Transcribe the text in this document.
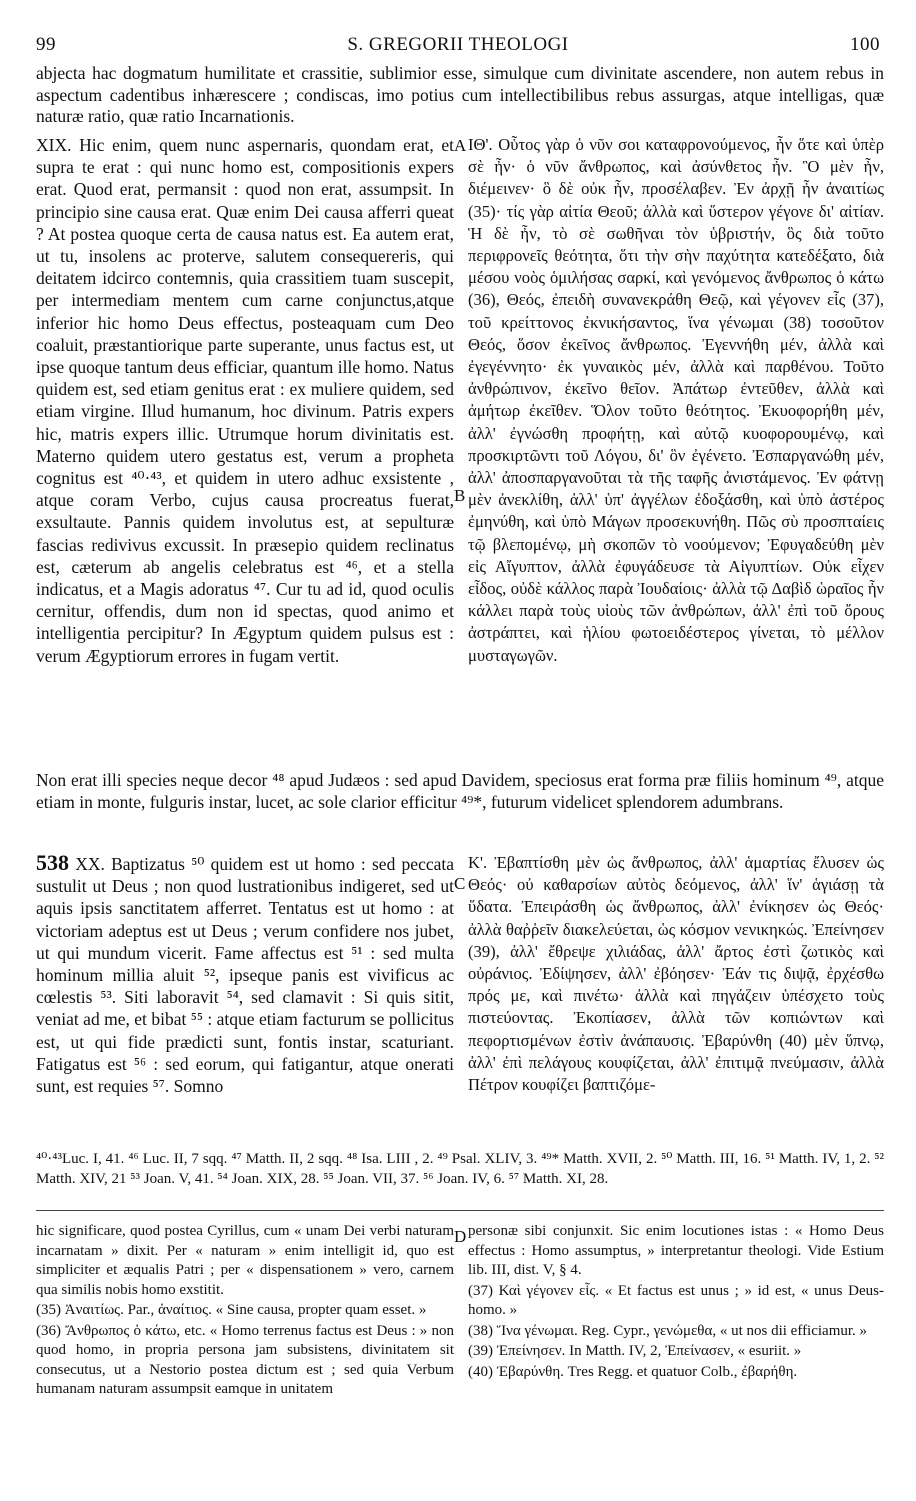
99	S. GREGORII THEOLOGI	100

abjecta hac dogmatum humilitate et crassitie, sublimior esse, simulque cum divinitate ascendere, non autem rebus in aspectum cadentibus inhærescere ; condiscas, imo potius cum intellectibilibus rebus assurgas, atque intelligas, quæ naturæ ratio, quæ ratio Incarnationis.

A
B
C
D

XIX. Hic enim, quem nunc aspernaris, quondam erat, et supra te erat : qui nunc homo est, compositionis expers erat. Quod erat, permansit : quod non erat, assumpsit. In principio sine causa erat. Quæ enim Dei causa afferri queat ? At postea quoque certa de causa natus est. Ea autem erat, ut tu, insolens ac proterve, salutem consequereris, qui deitatem idcirco contemnis, quia crassitiem tuam suscepit, per intermediam mentem cum carne conjunctus,atque inferior hic homo Deus effectus, posteaquam cum Deo coaluit, præstantiorique parte superante, unus factus est, ut ipse quoque tantum deus efficiar, quantum ille homo. Natus quidem est, sed etiam genitus erat : ex muliere quidem, sed etiam virgine. Illud humanum, hoc divinum. Patris expers hic, matris expers illic. Utrumque horum divinitatis est. Materno quidem utero gestatus est, verum a propheta cognitus est ⁴⁰·⁴³, et quidem in utero adhuc exsistente , atque coram Verbo, cujus causa procreatus fuerat, exsultaute. Pannis quidem involutus est, at sepulturæ fascias redivivus excussit. In præsepio quidem reclinatus est, cæterum ab angelis celebratus est ⁴⁶, et a stella indicatus, et a Magis adoratus ⁴⁷. Cur tu ad id, quod oculis cernitur, offendis, dum non id spectas, quod animo et intelligentia percipitur? In Ægyptum quidem pulsus est : verum Ægyptiorum errores in fugam vertit.

ΙΘ'. Οὗτος γὰρ ὁ νῦν σοι καταφρονούμενος, ἦν ὅτε καὶ ὑπὲρ σὲ ἦν· ὁ νῦν ἄνθρωπος, καὶ ἀσύνθετος ἦν. Ὃ μὲν ἦν, διέμεινεν· ὃ δὲ οὐκ ἦν, προσέλαβεν. Ἐν ἀρχῇ ἦν ἀναιτίως (35)· τίς γὰρ αἰτία Θεοῦ; ἀλλὰ καὶ ὕστερον γέγονε δι' αἰτίαν. Ἡ δὲ ἦν, τὸ σὲ σωθῆναι τὸν ὑβριστήν, ὃς διὰ τοῦτο περιφρονεῖς θεότητα, ὅτι τὴν σὴν παχύτητα κατεδέξατο, διὰ μέσου νοὸς ὁμιλήσας σαρκί, καὶ γενόμενος ἄνθρωπος ὁ κάτω (36), Θεός, ἐπειδὴ συνανεκράθη Θεῷ, καὶ γέγονεν εἷς (37), τοῦ κρείττονος ἐκνικήσαντος, ἵνα γένωμαι (38) τοσοῦτον Θεός, ὅσον ἐκεῖνος ἄνθρωπος. Ἐγεννήθη μέν, ἀλλὰ καὶ ἐγεγέννητο· ἐκ γυναικὸς μέν, ἀλλὰ καὶ παρθένου. Τοῦτο ἀνθρώπινον, ἐκεῖνο θεῖον. Ἀπάτωρ ἐντεῦθεν, ἀλλὰ καὶ ἀμήτωρ ἐκεῖθεν. Ὅλον τοῦτο θεότητος. Ἐκυοφορήθη μέν, ἀλλ' ἐγνώσθη προφήτῃ, καὶ αὐτῷ κυοφορουμένῳ, καὶ προσκιρτῶντι τοῦ Λόγου, δι' ὃν ἐγένετο. Ἐσπαργανώθη μέν, ἀλλ' ἀποσπαργανοῦται τὰ τῆς ταφῆς ἀνιστάμενος. Ἐν φάτνῃ μὲν ἀνεκλίθη, ἀλλ' ὑπ' ἀγγέλων ἐδοξάσθη, καὶ ὑπὸ ἀστέρος ἐμηνύθη, καὶ ὑπὸ Μάγων προσεκυνήθη. Πῶς σὺ προσπταίεις τῷ βλεπομένῳ, μὴ σκοπῶν τὸ νοούμενον; Ἐφυγαδεύθη μὲν εἰς Αἴγυπτον, ἀλλὰ ἐφυγάδευσε τὰ Αἰγυπτίων. Οὐκ εἶχεν εἶδος, οὐδὲ κάλλος παρὰ Ἰουδαίοις· ἀλλὰ τῷ Δαβὶδ ὡραῖος ἦν κάλλει παρὰ τοὺς υἱοὺς τῶν ἀνθρώπων, ἀλλ' ἐπὶ τοῦ ὄρους ἀστράπτει, καὶ ἡλίου φωτοειδέστερος γίνεται, τὸ μέλλον μυσταγωγῶν.

Non erat illi species neque decor ⁴⁸ apud Judæos : sed apud Davidem, speciosus erat forma præ filiis hominum ⁴⁹, atque etiam in monte, fulguris instar, lucet, ac sole clarior efficitur ⁴⁹*, futurum videlicet splendorem adumbrans.

538 XX. Baptizatus ⁵⁰ quidem est ut homo : sed peccata sustulit ut Deus ; non quod lustrationibus indigeret, sed ut aquis ipsis sanctitatem afferret. Tentatus est ut homo : at victoriam adeptus est ut Deus ; verum confidere nos jubet, ut qui mundum vicerit. Fame affectus est ⁵¹ : sed multa hominum millia aluit ⁵², ipseque panis est vivificus ac cœlestis ⁵³. Siti laboravit ⁵⁴, sed clamavit : Si quis sitit, veniat ad me, et bibat ⁵⁵ : atque etiam facturum se pollicitus est, ut qui fide prædicti sunt, fontis instar, scaturiant. Fatigatus est ⁵⁶ : sed eorum, qui fatigantur, atque onerati sunt, est requies ⁵⁷. Somno

Κ'. Ἐβαπτίσθη μὲν ὡς ἄνθρωπος, ἀλλ' ἁμαρτίας ἔλυσεν ὡς Θεός· οὐ καθαρσίων αὐτὸς δεόμενος, ἀλλ' ἵν' ἁγιάσῃ τὰ ὕδατα. Ἐπειράσθη ὡς ἄνθρωπος, ἀλλ' ἐνίκησεν ὡς Θεός· ἀλλὰ θαῤῥεῖν διακελεύεται, ὡς κόσμον νενικηκώς. Ἐπείνησεν (39), ἀλλ' ἔθρεψε χιλιάδας, ἀλλ' ἄρτος ἐστὶ ζωτικὸς καὶ οὐράνιος. Ἐδίψησεν, ἀλλ' ἐβόησεν· Ἐάν τις διψᾷ, ἐρχέσθω πρός με, καὶ πινέτω· ἀλλὰ καὶ πηγάζειν ὑπέσχετο τοὺς πιστεύοντας. Ἐκοπίασεν, ἀλλὰ τῶν κοπιώντων καὶ πεφορτισμένων ἐστὶν ἀνάπαυσις. Ἐβαρύνθη (40) μὲν ὕπνῳ, ἀλλ' ἐπὶ πελάγους κουφίζεται, ἀλλ' ἐπιτιμᾷ πνεύμασιν, ἀλλὰ Πέτρον κουφίζει βαπτιζόμε-

⁴⁰·⁴³Luc. I, 41. ⁴⁶ Luc. II, 7 sqq. ⁴⁷ Matth. II, 2 sqq. ⁴⁸ Isa. LIII , 2. ⁴⁹ Psal. XLIV, 3. ⁴⁹* Matth. XVII, 2. ⁵⁰ Matth. III, 16. ⁵¹ Matth. IV, 1, 2. ⁵² Matth. XIV, 21 ⁵³ Joan. V, 41. ⁵⁴ Joan. XIX, 28. ⁵⁵ Joan. VII, 37. ⁵⁶ Joan. IV, 6. ⁵⁷ Matth. XI, 28.

hic significare, quod postea Cyrillus, cum « unam Dei verbi naturam incarnatam » dixit. Per « naturam » enim intelligit id, quo est simpliciter et æqualis Patri ; per « dispensationem » vero, carnem qua similis nobis homo exstitit.

(35) Ἀναιτίως. Par., ἀναίτιος. « Sine causa, propter quam esset. »

(36) Ἄνθρωπος ὁ κάτω, etc. « Homo terrenus factus est Deus : » non quod homo, in propria persona jam subsistens, divinitatem sit consecutus, ut a Nestorio postea dictum est ; sed quia Verbum humanam naturam assumpsit eamque in unitatem

personæ sibi conjunxit. Sic enim locutiones istas : « Homo Deus effectus : Homo assumptus, » interpretantur theologi. Vide Estium lib. III, dist. V, § 4.

(37) Καὶ γέγονεν εἷς. « Et factus est unus ; » id est, « unus Deus-homo. »

(38) Ἵνα γένωμαι. Reg. Cypr., γενώμεθα, « ut nos dii efficiamur. »

(39) Ἐπείνησεν. In Matth. IV, 2, Ἐπείνασεν, « esuriit. »

(40) Ἐβαρύνθη. Tres Regg. et quatuor Colb., ἐβαρήθη.
